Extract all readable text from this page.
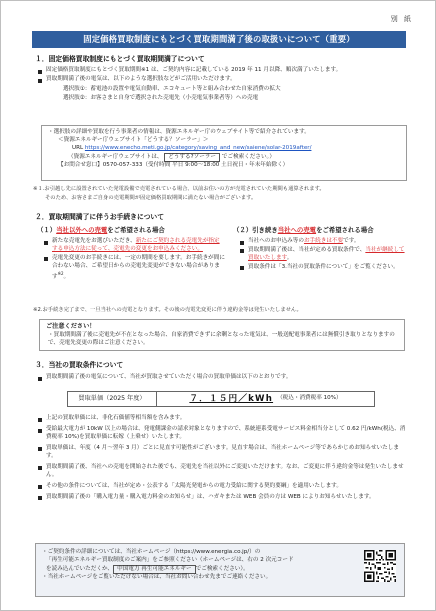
別 紙
固定価格買取制度にもとづく買取期間満了後の取扱いについて（重要）
１．固定価格買取制度にもとづく買取期間満了について
固定価格買取制度にもとづく買取期間※1 は、ご契約内容に記載している 2019 年 11 月以降、順次満了いたします。
買取期間満了後の電気は、以下のような選択肢などがご活用いただけます。
選択肢①：蓄電池の設置や電気自動車、エコキュート等と組み合わせた自家消費の拡大
選択肢②：お客さまと自身で選択された売電先（小売電気事業者等）への売電
・選択肢の詳細や買取を行う事業者の情報は、資源エネルギー庁のウェブサイト等で紹介されています。
＜資源エネルギー庁ウェブサイト「どうする？ソーラー」＞
URL https://www.enecho.meti.go.jp/category/saving_and_new/saiene/solar-2019after/
（資源エネルギー庁ウェブサイトは、 どうする?ソーラー でご検索ください。）
【お問合せ窓口】0570-057-333（受付時間 平日 9:00～18:00 土日祝日・年末年始除く）
※１.お引越し先に設置されていた発電設備で売電されている場合、以前お住いの方が売電されていた期間も通算されます。
そのため、お客さまご自身の売電期間が固定価格買取期間に満たない場合がございます。
２．買取期間満了に伴うお手続きについて
（１）当社以外への売電をご希望される場合
新たな売電先をお選びいただき、新たにご契約される売電先が指定する申込方法に従って、売電先の変更をお申込みください。
売電先変更のお手続きには、一定の期間を要します。お手続きが間に合わない場合、ご希望日からの売電先変更ができない場合があります$^{※2}$。
（２）引き続き当社への売電をご希望される場合
当社へのお申込み等のお手続きは不要です。
買取期間満了後は、当社が定める買取条件で、当社が継続して買取いたします。
買取条件は「3.当社の買取条件について」をご覧ください。
※2.お手続き完了まで、一旦当社への売電となります。その後の売電先変更に伴う違約金等は発生いたしません。
ご注意ください！
・買取期間満了後に売電先が不在となった場合、自家消費できずに余剰となった電気は、一般送配電事業者には無償引き取りとなりますので、売電先変更の際はご注意ください。
３．当社の買取条件について
買取期間満了後の電気について、当社が買取させていただく場合の買取単価は以下のとおりです。
買取単価（2025 年度）	７．１５円／kWh （税込・消費税率 10%）
上記の買取単価には、非化石価値等相当額を含みます。
受給最大電力が 10kW 以上の場合は、発電側課金の請求対象となりますので、系統連系受電サービス料金相当分として 0.62 円/kWh(税込、消費税率 10%)を買取単価に転嫁（上乗せ）いたします。
買取単価は、年度（4 月～翌年 3 月）ごとに見直す可能性がございます。見直す場合は、当社ホームページ等であらかじめお知らせいたします。
買取期間満了後、当社への売電を開始された後でも、売電先を当社以外にご変更いただけます。なお、ご変更に伴う違約金等は発生いたしません。
その他の条件については、当社が定め・公表する「太陽光発電からの電力受給に関する契約要綱」を適用いたします。
買取期間満了後の「購入電力量・購入電力料金のお知らせ」は、ハガキまたは WEB 会員の方は WEB によりお知らせいたします。
・ご契約条件の詳細については、当社ホームページ（https://www.energia.co.jp/）の
「再生可能エネルギー買取制度のご案内」をご参照ください（ホームページは、右の 2 次元コード
を読み込んでいただくか、 中国電力 再生可能エネルギー でご検索ください）。
・当社ホームページをご覧いただけない場合は、当社お問い合わせ先までご連絡ください。
